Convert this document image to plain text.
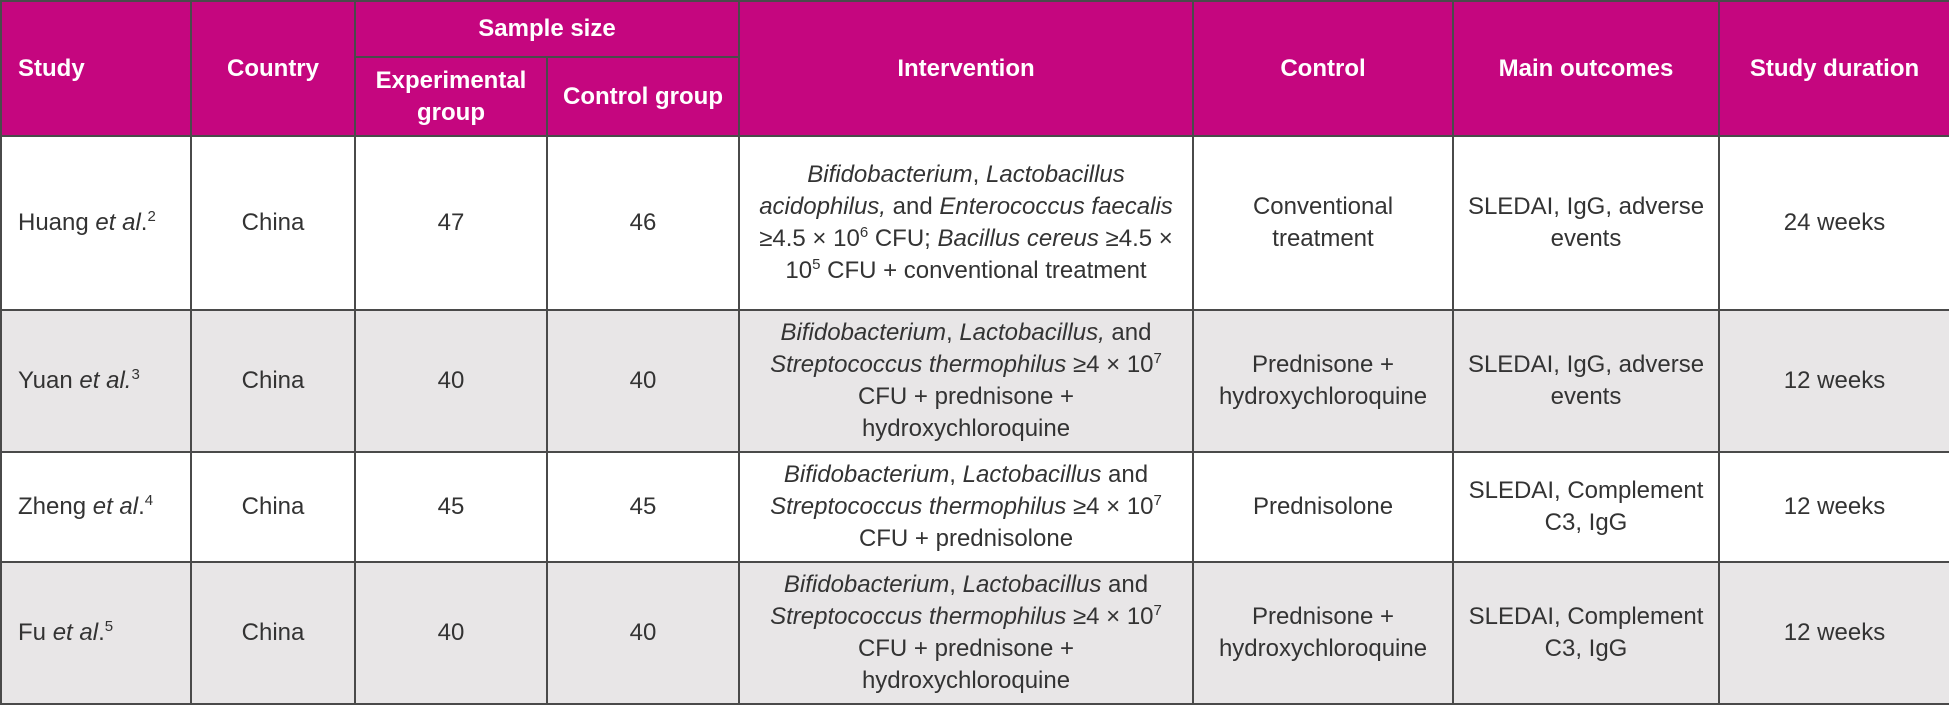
Study	Country	Sample size		Intervention	Control	Main outcomes	Study duration
		Experimental group	Control group				
Huang et al.$^2$	China	47	46	Bifidobacterium, Lactobacillus acidophilus, and Enterococcus faecalis $\ge 4.5 \times 10^6$ CFU; Bacillus cereus $\ge 4.5 \times 10^5$ CFU + conventional treatment	Conventional treatment	SLEDAI, IgG, adverse events	24 weeks
Yuan et al.$^3$	China	40	40	Bifidobacterium, Lactobacillus, and Streptococcus thermophilus $\ge 4 \times 10^7$ CFU + prednisone + hydroxychloroquine	Prednisone + hydroxychloroquine	SLEDAI, IgG, adverse events	12 weeks
Zheng et al.$^4$	China	45	45	Bifidobacterium, Lactobacillus and Streptococcus thermophilus $\ge 4 \times 10^7$ CFU + prednisolone	Prednisolone	SLEDAI, Complement C3, IgG	12 weeks
Fu et al.$^5$	China	40	40	Bifidobacterium, Lactobacillus and Streptococcus thermophilus $\ge 4 \times 10^7$ CFU + prednisone + hydroxychloroquine	Prednisone + hydroxychloroquine	SLEDAI, Complement C3, IgG	12 weeks
